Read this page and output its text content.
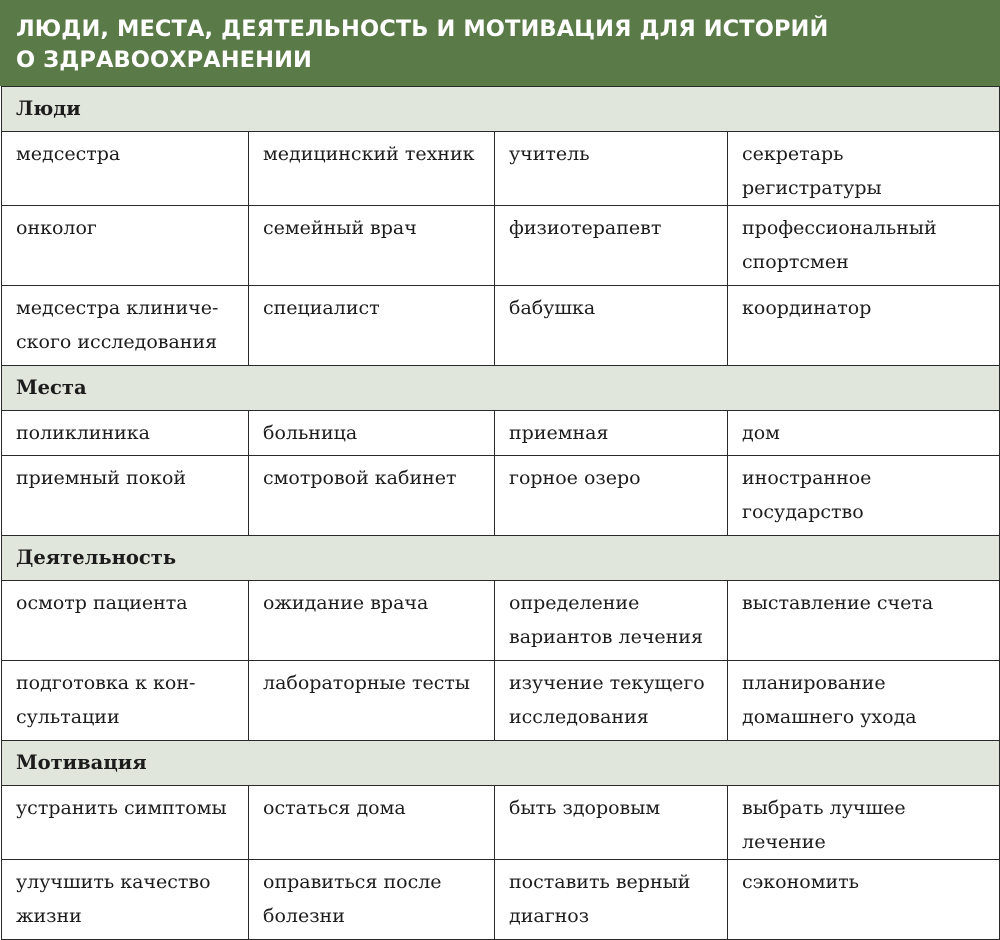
ЛЮДИ, МЕСТА, ДЕЯТЕЛЬНОСТЬ И МОТИВАЦИЯ ДЛЯ ИСТОРИЙ
О ЗДРАВООХРАНЕНИИ
Люди			
медсестра	медицинский техник	учитель	секретарь регистратуры
онколог	семейный врач	физиотерапевт	профессиональный спортсмен
медсестра клиниче-ского исследования	специалист	бабушка	координатор
Места			
поликлиника	больница	приемная	дом
приемный покой	смотровой кабинет	горное озеро	иностранное государство
Деятельность			
осмотр пациента	ожидание врача	определение вариантов лечения	выставление счета
подготовка к кон-сультации	лабораторные тесты	изучение текущего исследования	планирование домашнего ухода
Мотивация			
устранить симптомы	остаться дома	быть здоровым	выбрать лучшее лечение
улучшить качество жизни	оправиться после болезни	поставить верный диагноз	сэкономить
